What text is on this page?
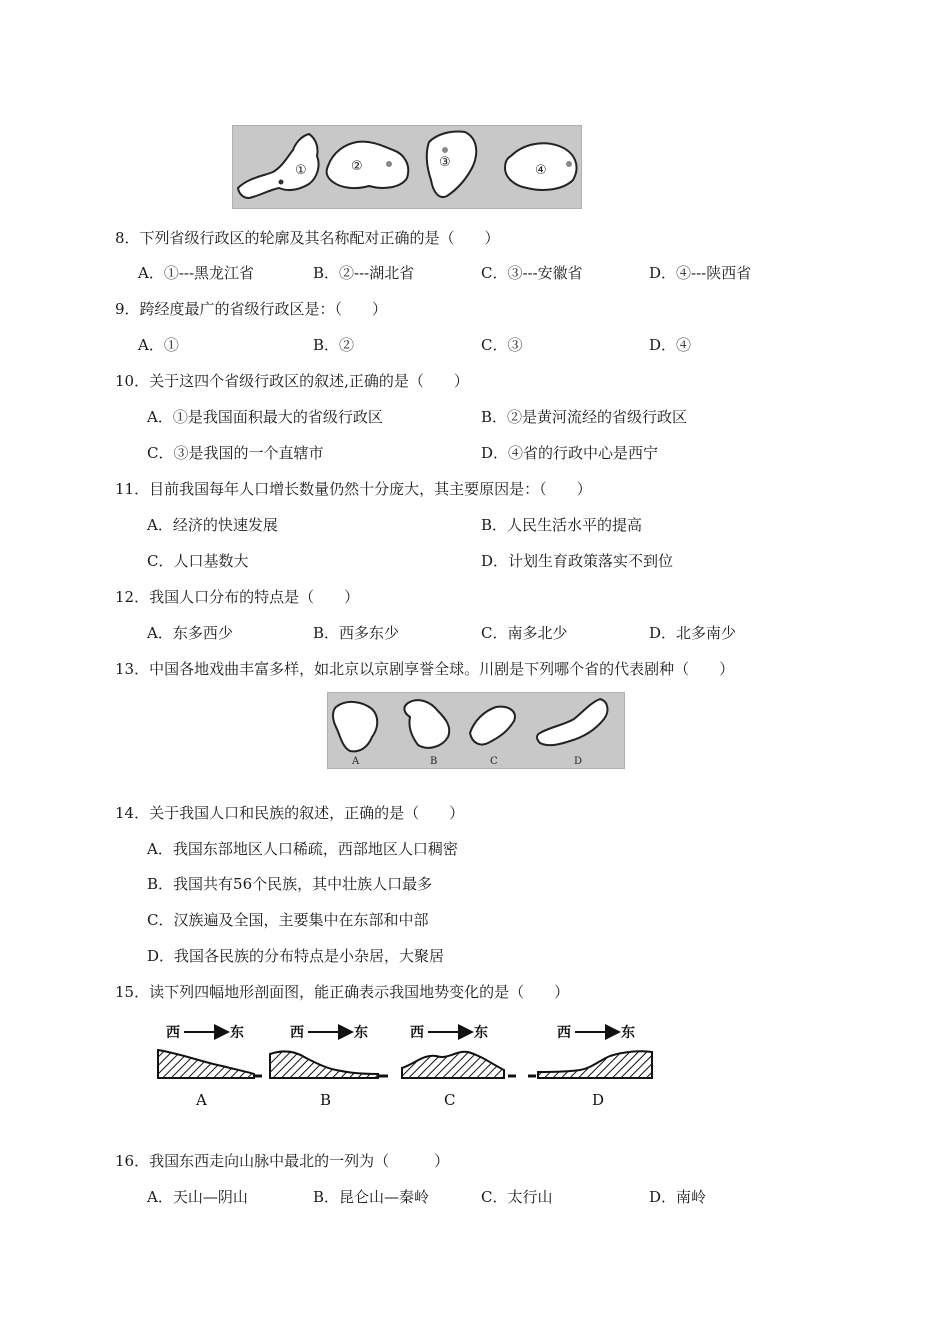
①	②	③
④
8．下列省级行政区的轮廓及其名称配对正确的是（　　）
A．①---黑龙江省	B．②---湖北省	C．③---安徽省	D．④---陕西省
9．跨经度最广的省级行政区是：（　　）
A．①	B．②	C．③	D．④
10．关于这四个省级行政区的叙述,正确的是（　　）
A．①是我国面积最大的省级行政区	B．②是黄河流经的省级行政区
C．③是我国的一个直辖市	D．④省的行政中心是西宁
11．目前我国每年人口增长数量仍然十分庞大，其主要原因是：（　　）
A．经济的快速发展	B．人民生活水平的提高
C．人口基数大	D．计划生育政策落实不到位
12．我国人口分布的特点是（　　）
A．东多西少	B．西多东少	C．南多北少	D．北多南少
13．中国各地戏曲丰富多样，如北京以京剧享誉全球。川剧是下列哪个省的代表剧种（　　）
A	B	C	D
14．关于我国人口和民族的叙述，正确的是（　　）
A．我国东部地区人口稀疏，西部地区人口稠密
B．我国共有56个民族，其中壮族人口最多
C．汉族遍及全国，主要集中在东部和中部
D．我国各民族的分布特点是小杂居，大聚居
15．读下列四幅地形剖面图，能正确表示我国地势变化的是（　　）
西	东
A
西	东
B
西	东
C
西	东
D
16．我国东西走向山脉中最北的一列为（　　　）
A．天山—阴山	B．昆仑山—秦岭	C．太行山	D．南岭
